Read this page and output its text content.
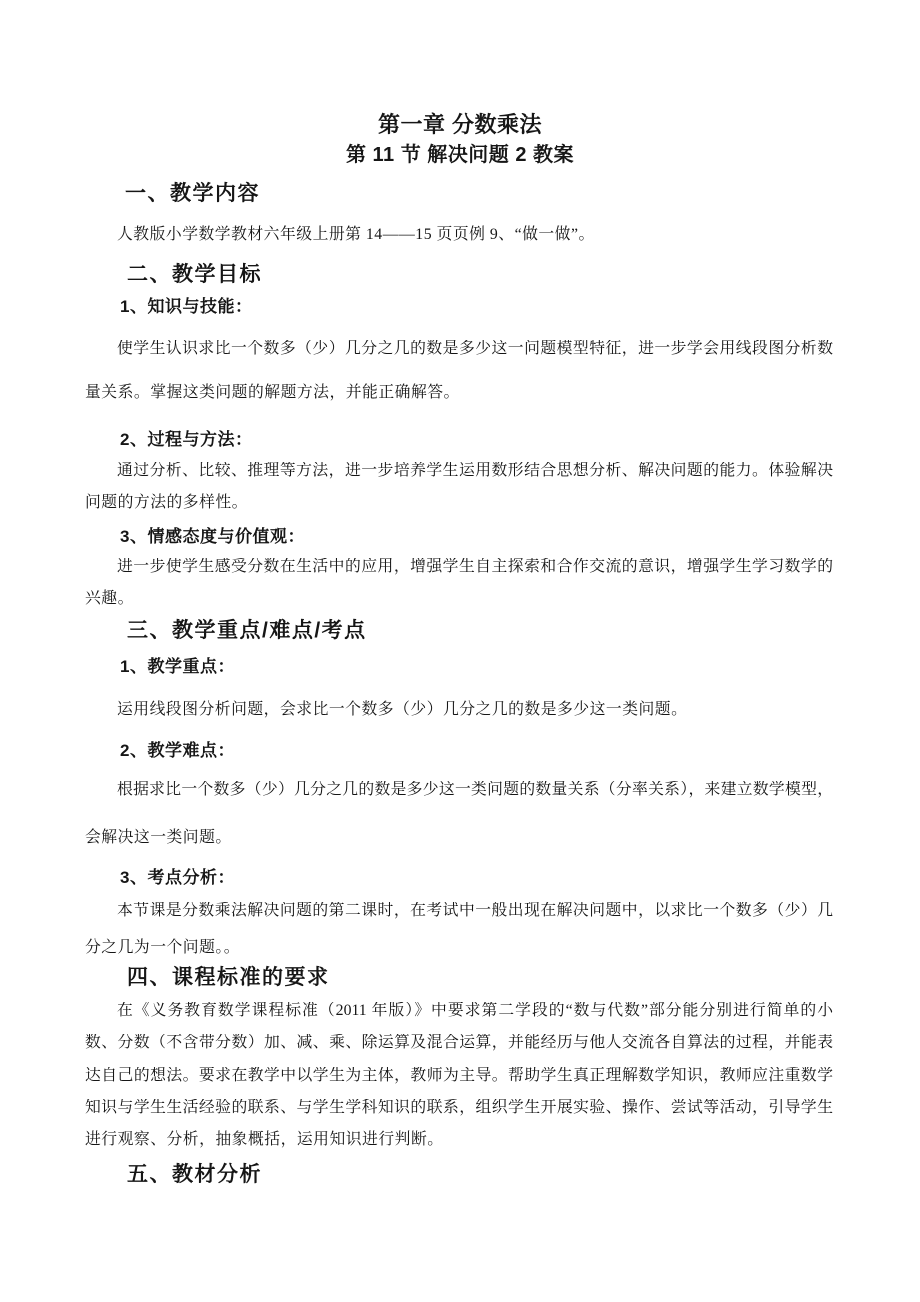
第一章 分数乘法
第 11 节 解决问题 2 教案
一、教学内容
人教版小学数学教材六年级上册第 14——15 页页例 9、“做一做”。
二、教学目标
1、知识与技能：
使学生认识求比一个数多（少）几分之几的数是多少这一问题模型特征，进一步学会用线段图分析数
量关系。掌握这类问题的解题方法，并能正确解答。
2、过程与方法：
通过分析、比较、推理等方法，进一步培养学生运用数形结合思想分析、解决问题的能力。体验解决
问题的方法的多样性。
3、情感态度与价值观：
进一步使学生感受分数在生活中的应用，增强学生自主探索和合作交流的意识，增强学生学习数学的
兴趣。
三、教学重点/难点/考点
1、教学重点：
运用线段图分析问题，会求比一个数多（少）几分之几的数是多少这一类问题。
2、教学难点：
根据求比一个数多（少）几分之几的数是多少这一类问题的数量关系（分率关系），来建立数学模型，
会解决这一类问题。
3、考点分析：
本节课是分数乘法解决问题的第二课时，在考试中一般出现在解决问题中，以求比一个数多（少）几
分之几为一个问题。。
四、课程标准的要求
在《义务教育数学课程标准（2011 年版）》中要求第二学段的“数与代数”部分能分别进行简单的小
数、分数（不含带分数）加、减、乘、除运算及混合运算，并能经历与他人交流各自算法的过程，并能表
达自己的想法。要求在教学中以学生为主体，教师为主导。帮助学生真正理解数学知识，教师应注重数学
知识与学生生活经验的联系、与学生学科知识的联系，组织学生开展实验、操作、尝试等活动，引导学生
进行观察、分析，抽象概括，运用知识进行判断。
五、教材分析
